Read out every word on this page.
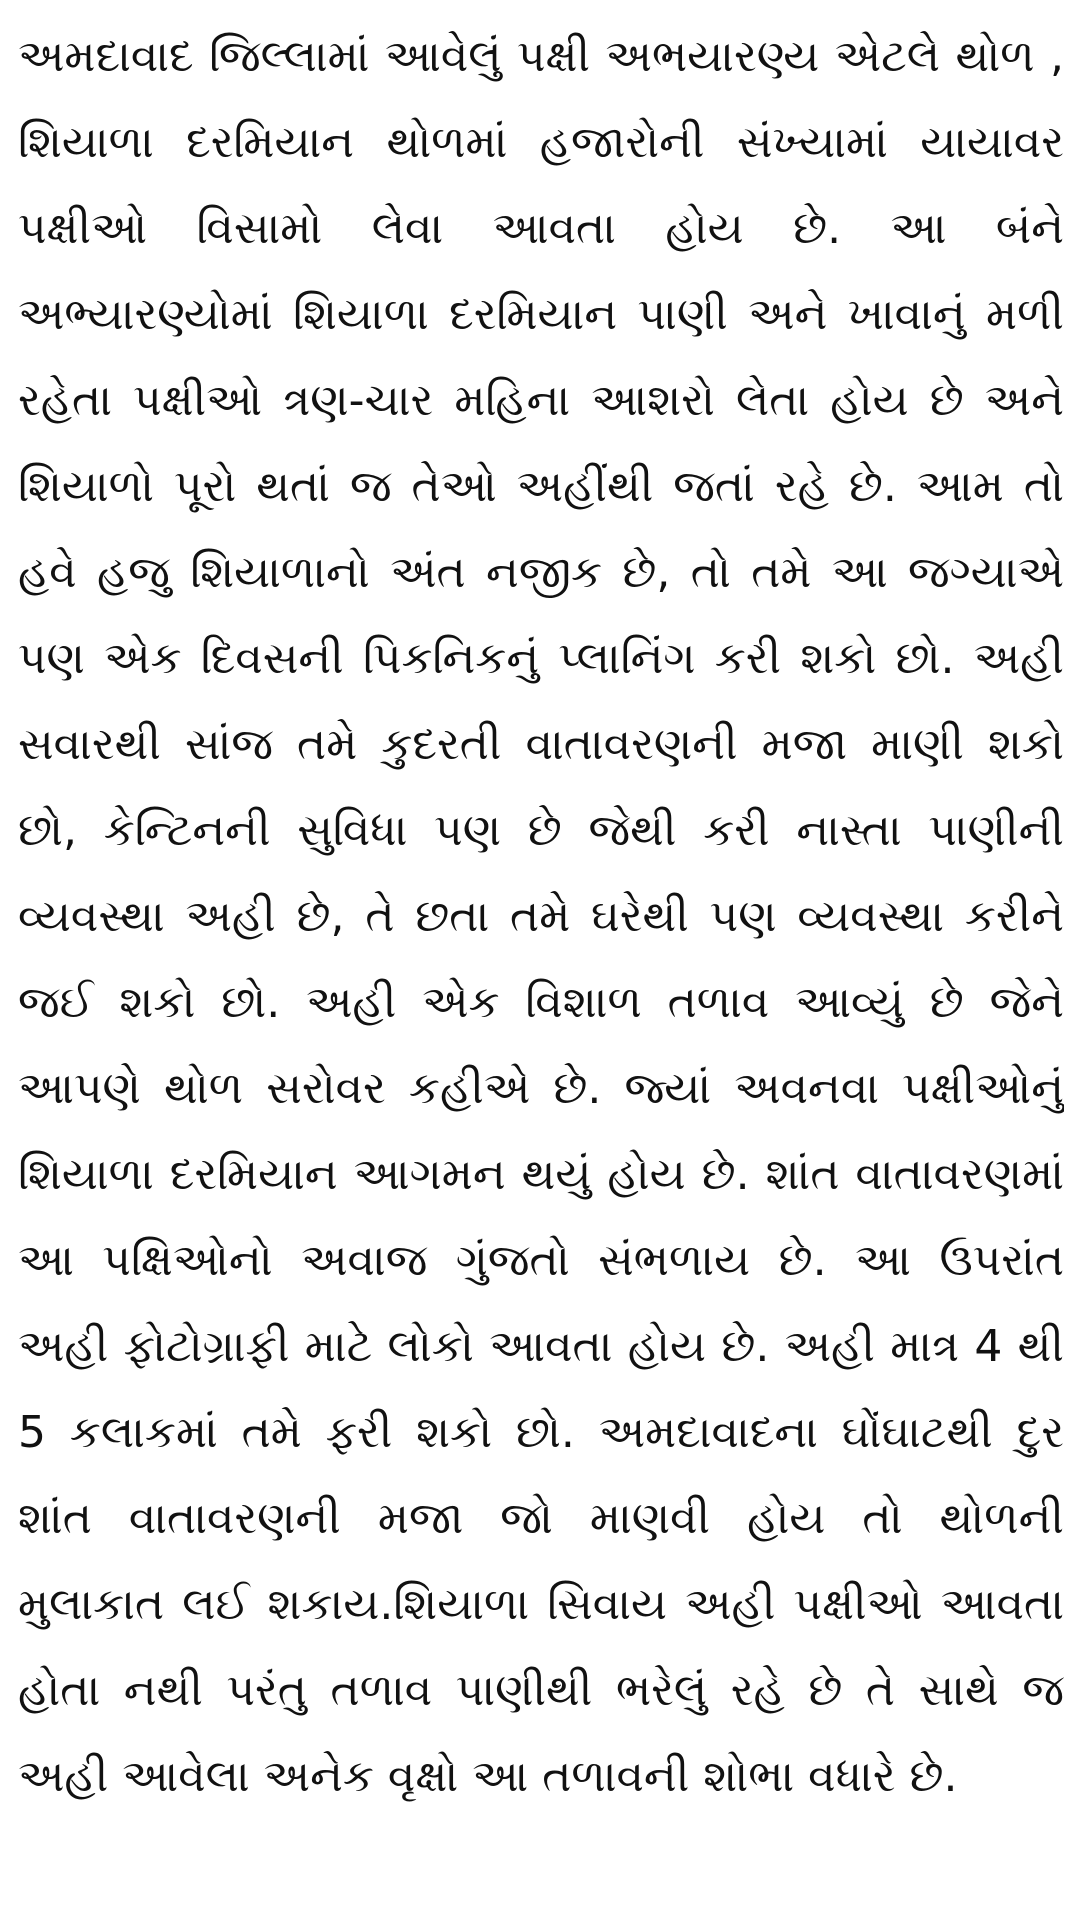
અમદાવાદ જિલ્લામાં આવેલું પક્ષી અભયારણ્ય એટલે થોળ ,
શિયાળા દરમિયાન થોળમાં હજારોની સંખ્યામાં યાયાવર
પક્ષીઓ વિસામો લેવા આવતા હોય છે. આ બંને
અભ્યારણ્યોમાં શિયાળા દરમિયાન પાણી અને ખાવાનું મળી
રહેતા પક્ષીઓ ત્રણ-ચાર મહિના આશરો લેતા હોય છે અને
શિયાળો પૂરો થતાં જ તેઓ અહીંથી જતાં રહે છે. આમ તો
હવે હજુ શિયાળાનો અંત નજીક છે, તો તમે આ જગ્યાએ
પણ એક દિવસની પિકનિકનું પ્લાનિંગ કરી શકો છો. અહી
સવારથી સાંજ તમે કુદરતી વાતાવરણની મજા માણી શકો
છો, કેન્ટિનની સુવિધા પણ છે જેથી કરી નાસ્તા પાણીની
વ્યવસ્થા અહી છે, તે છતા તમે ઘરેથી પણ વ્યવસ્થા કરીને
જઈ શકો છો. અહી એક વિશાળ તળાવ આવ્યું છે જેને
આપણે થોળ સરોવર કહીએ છે. જ્યાં અવનવા પક્ષીઓનું
શિયાળા દરમિયાન આગમન થયું હોય છે. શાંત વાતાવરણમાં
આ પક્ષિઓનો અવાજ ગુંજતો સંભળાય છે. આ ઉપરાંત
અહી ફોટોગ્રાફી માટે લોકો આવતા હોય છે. અહી માત્ર 4 થી
5 કલાકમાં તમે ફરી શકો છો. અમદાવાદના ઘોંઘાટથી દુર
શાંત વાતાવરણની મજા જો માણવી હોય તો થોળની
મુલાકાત લઈ શકાય.શિયાળા સિવાય અહી પક્ષીઓ આવતા
હોતા નથી પરંતુ તળાવ પાણીથી ભરેલું રહે છે તે સાથે જ
અહી આવેલા અનેક વૃક્ષો આ તળાવની શોભા વધારે છે.
